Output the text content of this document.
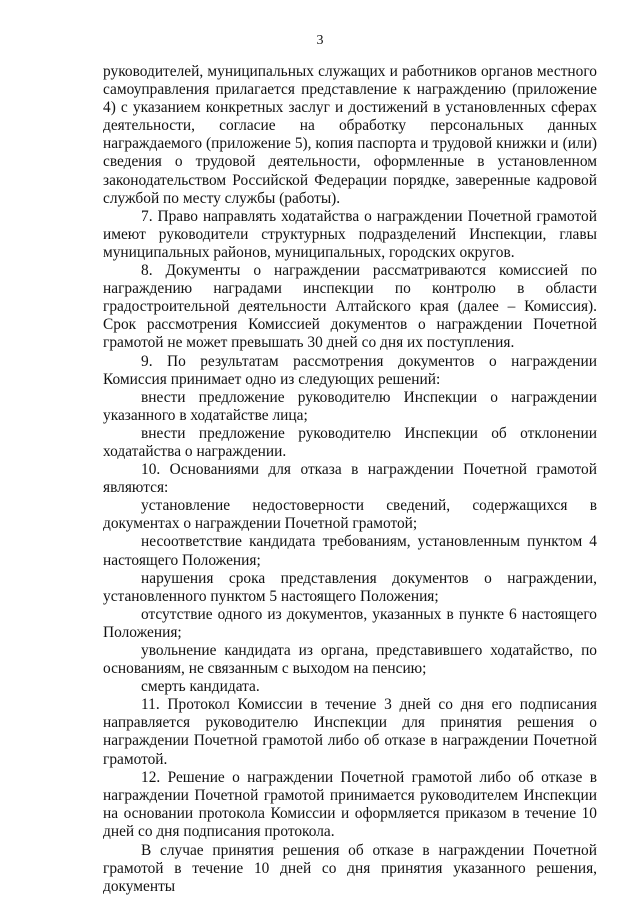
3

руководителей, муниципальных служащих и работников органов местного самоуправления прилагается представление к награждению (приложение 4) с указанием конкретных заслуг и достижений в установленных сферах деятельности, согласие на обработку персональных данных награждаемого (приложение 5), копия паспорта и трудовой книжки и (или) сведения о трудовой деятельности, оформленные в установленном законодательством Российской Федерации порядке, заверенные кадровой службой по месту службы (работы).

7. Право направлять ходатайства о награждении Почетной грамотой имеют руководители структурных подразделений Инспекции, главы муниципальных районов, муниципальных, городских округов.

8. Документы о награждении рассматриваются комиссией по награждению наградами инспекции по контролю в области градостроительной деятельности Алтайского края (далее – Комиссия). Срок рассмотрения Комиссией документов о награждении Почетной грамотой не может превышать 30 дней со дня их поступления.

9. По результатам рассмотрения документов о награждении Комиссия принимает одно из следующих решений:

внести предложение руководителю Инспекции о награждении указанного в ходатайстве лица;

внести предложение руководителю Инспекции об отклонении ходатайства о награждении.

10. Основаниями для отказа в награждении Почетной грамотой являются:

установление недостоверности сведений, содержащихся в документах о награждении Почетной грамотой;

несоответствие кандидата требованиям, установленным пунктом 4 настоящего Положения;

нарушения срока представления документов о награждении, установленного пунктом 5 настоящего Положения;

отсутствие одного из документов, указанных в пункте 6 настоящего Положения;

увольнение кандидата из органа, представившего ходатайство, по основаниям, не связанным с выходом на пенсию;

смерть кандидата.

11. Протокол Комиссии в течение 3 дней со дня его подписания направляется руководителю Инспекции для принятия решения о награждении Почетной грамотой либо об отказе в награждении Почетной грамотой.

12. Решение о награждении Почетной грамотой либо об отказе в награждении Почетной грамотой принимается руководителем Инспекции на основании протокола Комиссии и оформляется приказом в течение 10 дней со дня подписания протокола.

В случае принятия решения об отказе в награждении Почетной грамотой в течение 10 дней со дня принятия указанного решения, документы
